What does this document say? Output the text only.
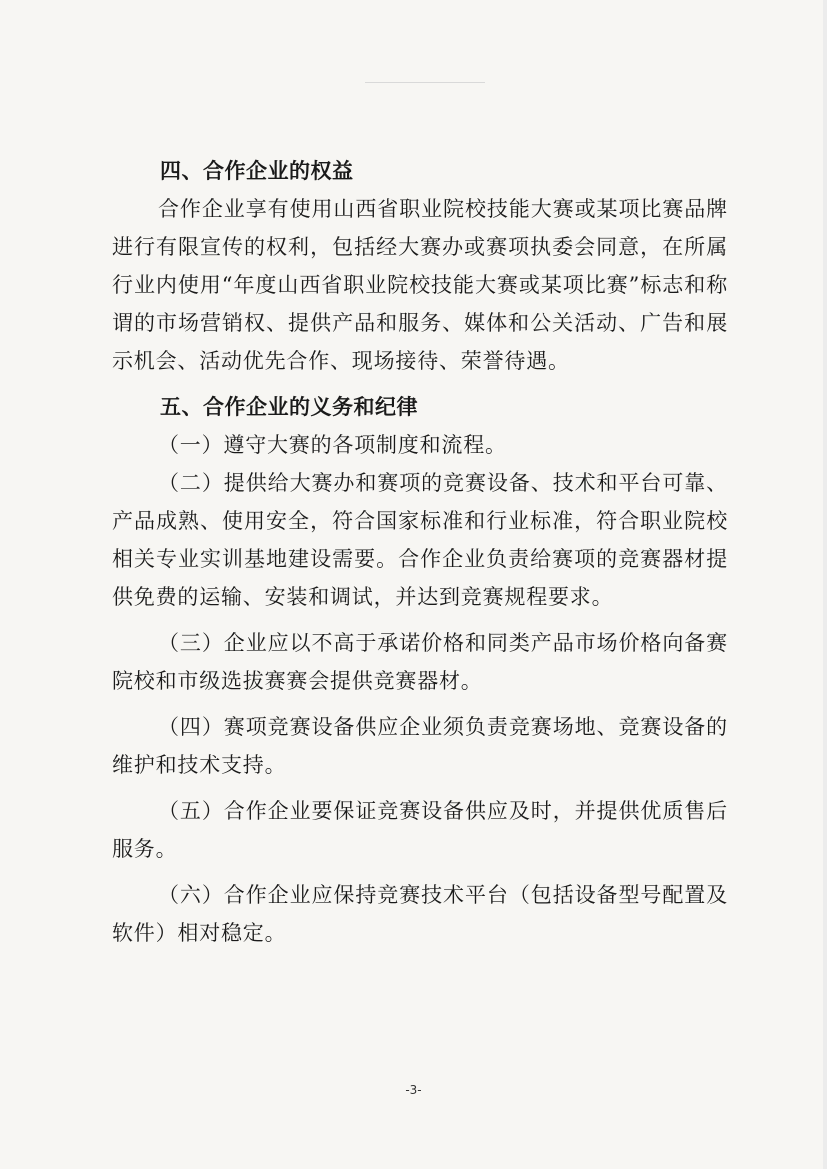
四、合作企业的权益

合作企业享有使用山西省职业院校技能大赛或某项比赛品牌进行有限宣传的权利，包括经大赛办或赛项执委会同意，在所属行业内使用“年度山西省职业院校技能大赛或某项比赛”标志和称谓的市场营销权、提供产品和服务、媒体和公关活动、广告和展示机会、活动优先合作、现场接待、荣誉待遇。

五、合作企业的义务和纪律

（一）遵守大赛的各项制度和流程。

（二）提供给大赛办和赛项的竞赛设备、技术和平台可靠、产品成熟、使用安全，符合国家标准和行业标准，符合职业院校相关专业实训基地建设需要。合作企业负责给赛项的竞赛器材提供免费的运输、安装和调试，并达到竞赛规程要求。

（三）企业应以不高于承诺价格和同类产品市场价格向备赛院校和市级选拔赛赛会提供竞赛器材。

（四）赛项竞赛设备供应企业须负责竞赛场地、竞赛设备的维护和技术支持。

（五）合作企业要保证竞赛设备供应及时，并提供优质售后服务。

（六）合作企业应保持竞赛技术平台（包括设备型号配置及软件）相对稳定。

-3-
